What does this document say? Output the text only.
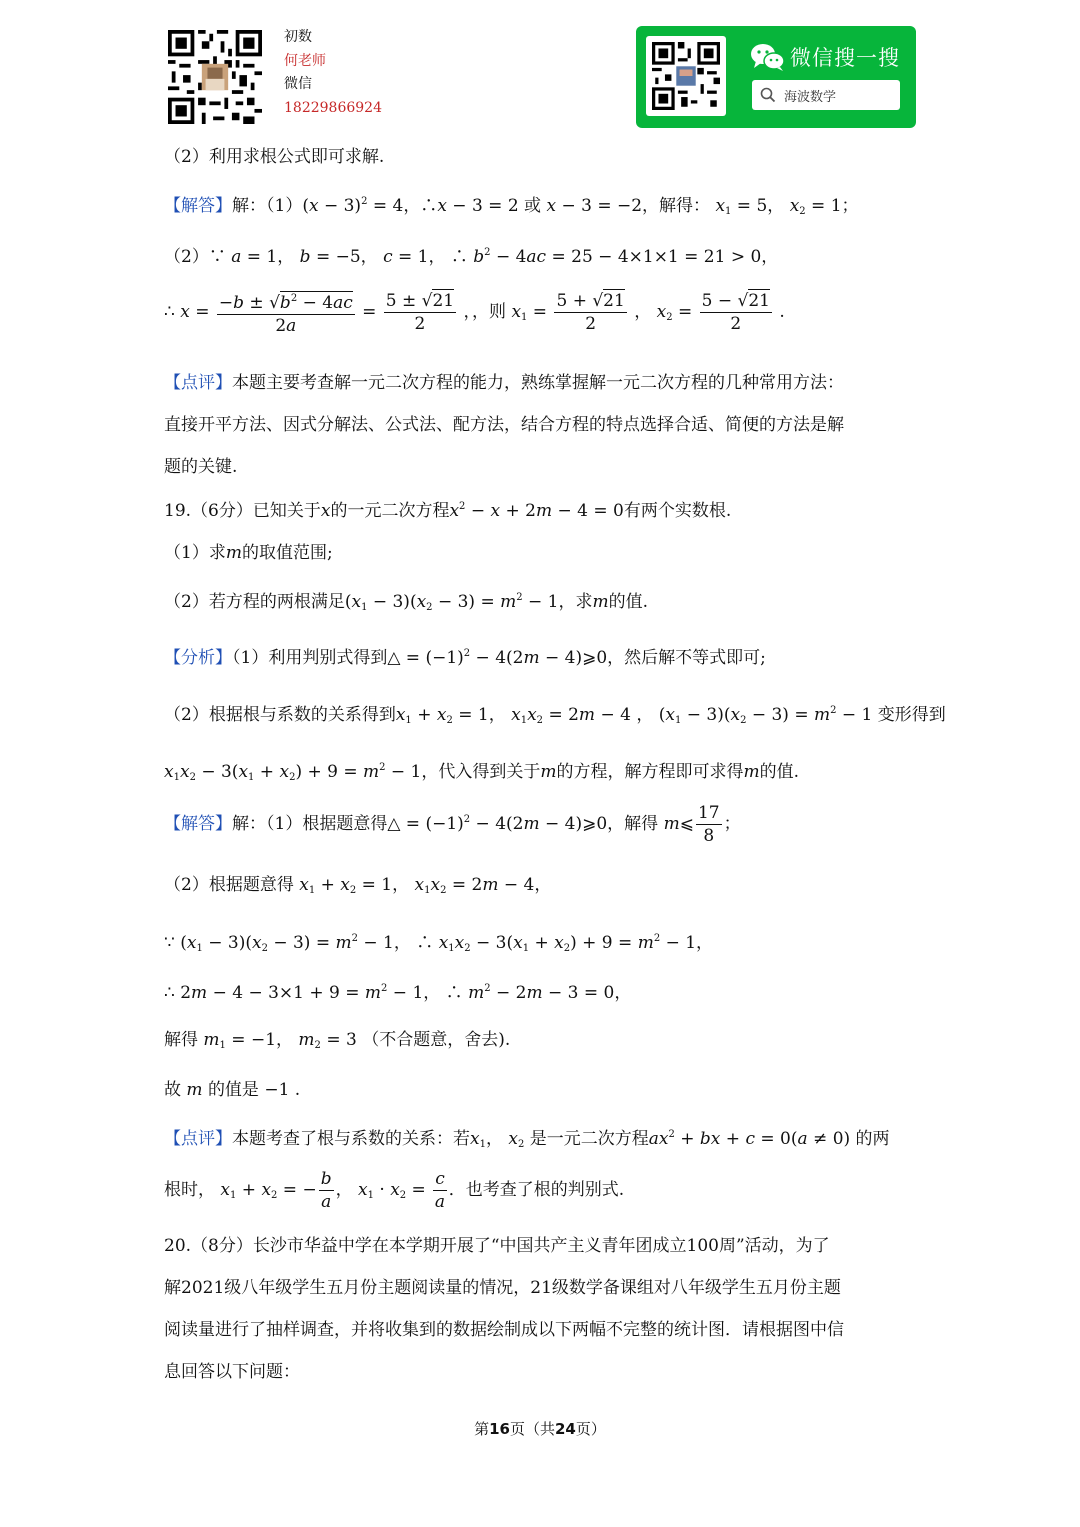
初数
何老师
微信
18229866924
微信搜一搜
海波数学
（2）利用求根公式即可求解.
【解答】解：$(1)(x - 3)^2 = 4$，∴x − 3 = 2 或 x − 3 = −2，解得： $x_1 = 5$， $x_2 = 1$；
（2）∵ a = 1， b = −5， c = 1， ∴ $b^2 - 4ac = 25 - 4\times 1\times 1 = 21 > 0$，
∴ $x = \frac{-b \pm √b^2 - 4ac}{2a} = \frac{5 \pm √21}{2}$ ，，则 $x_1 = \frac{5 + √21}{2}$ ， $x_2 = \frac{5 - √21}{2}$ .
【点评】本题主要考查解一元二次方程的能力，熟练掌握解一元二次方程的几种常用方法：
直接开平方法、因式分解法、公式法、配方法，结合方程的特点选择合适、简便的方法是解
题的关键.
19.（6分）已知关于x的一元二次方程$x^2 - x + 2m - 4 = 0$有两个实数根.
（1）求m的取值范围;
（2）若方程的两根满足$(x_1 - 3)(x_2 - 3) = m^2 - 1$，求m的值.
【分析】（1）利用判别式得到△ = $(-1)^2 - 4(2m$ − 4)⩾0，然后解不等式即可;
（2）根据根与系数的关系得到$x_1 + x_2 = 1$， $x_1x_2 = 2m - 4$ ， $(x_1 - 3)(x_2 - 3) = m^2 - 1$ 变形得到
$x_1x_2 - 3(x_1 + x_2) + 9 = m^2 - 1$，代入得到关于m的方程，解方程即可求得m的值.
【解答】解：（1）根据题意得△ = $(-1)^2 - 4(2m$ − 4)⩾0，解得 m⩽ $\frac{17}{8}$ ；
（2）根据题意得 $x_1 + x_2 = 1$， $x_1x_2 = 2m - 4$，
∵ $(x_1 - 3)(x_2 - 3) = m^2 - 1$， ∴ $x_1x_2 - 3(x_1 + x_2) + 9 = m^2 - 1$，
∴ $2m - 4 - 3\times 1 + 9 = m^2 - 1$， ∴ $m^2 - 2m - 3 = 0$，
解得 $m_1 = -1$， $m_2 = 3$ （不合题意，舍去).
故 m 的值是 −1 .
【点评】本题考查了根与系数的关系：若$x_1$， $x_2$ 是一元二次方程$ax^2$ + bx + c = 0(a ≠ 0) 的两
根时， $x_1 + x_2$ = − $\frac{b}{a}$ ， $x_1 \cdot x_2 = \frac{c}{a}$ ．也考查了根的判别式.
20.（8分）长沙市华益中学在本学期开展了“中国共产主义青年团成立100周”活动，为了
解2021级八年级学生五月份主题阅读量的情况，21级数学备课组对八年级学生五月份主题
阅读量进行了抽样调查，并将收集到的数据绘制成以下两幅不完整的统计图．请根据图中信
息回答以下问题：
第16页（共24页）
